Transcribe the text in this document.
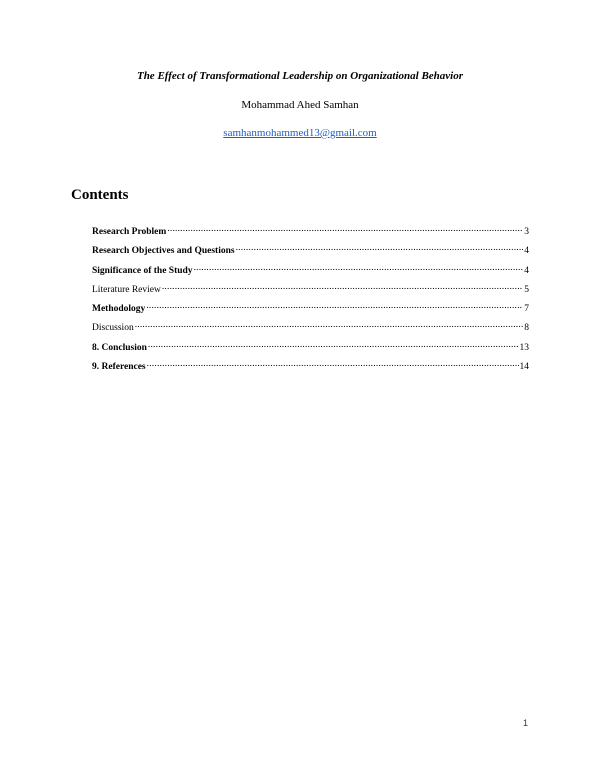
The Effect of Transformational Leadership on Organizational Behavior
Mohammad Ahed Samhan
samhanmohammed13@gmail.com
Contents
Research Problem .....	3
Research Objectives and Questions .....	4
Significance of the Study .....	4
Literature Review .....	5
Methodology .....	7
Discussion .....	8
8. Conclusion .....	13
9. References .....	14
1
